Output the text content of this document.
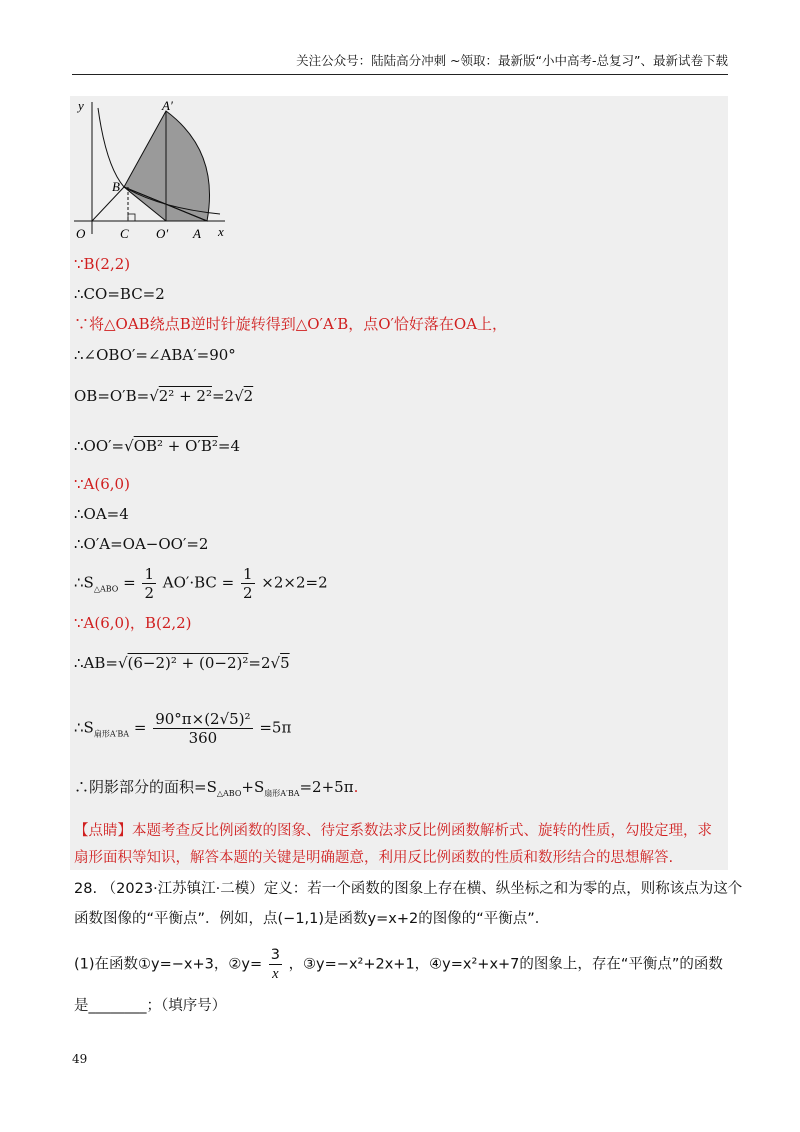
关注公众号：陆陆高分冲刺 ~领取：最新版“小中高考-总复习”、最新试卷下载
y
x
O	C O′ A
B
A′
∵B(2,2)
∴CO=BC=2
∵将△OAB绕点B逆时针旋转得到△O′A′B，点O′恰好落在OA上，
∴∠OBO′=∠ABA′=90°
OB=O′B=√2² + 2²=2√2
∴OO′=√OB² + O′B²=4
∵A(6,0)
∴OA=4
∴O′A=OA−OO′=2
$\therefore S_{\triangle ABO} = \frac{1}{2} AO'\cdot BC = \frac{1}{2} \times 2\times 2=2$
∵A(6,0)，B(2,2)
∴AB=√(6−2)² + (0−2)²=2√5
$\therefore S_{扇形A'BA} = \frac{\text{90°π×(2√5)²}}{360} =5\pi$
∴阴影部分的面积$=S_{\triangle ABO}+S_{扇形A'BA}=2+5\pi$.
【点睛】本题考查反比例函数的图象、待定系数法求反比例函数解析式、旋转的性质，勾股定理，求扇形面积等知识，解答本题的关键是明确题意，利用反比例函数的性质和数形结合的思想解答.
28. （2023·江苏镇江·二模）定义：若一个函数的图象上存在横、纵坐标之和为零的点，则称该点为这个
函数图像的“平衡点”．例如，点(−1,1)是函数y=x+2的图像的“平衡点”．
(1)在函数①y=−x+3，②y= $\frac{3}{x}$ ，③y=−x²+2x+1，④y=x²+x+7的图象上，存在“平衡点”的函数
是________；（填序号）
49
